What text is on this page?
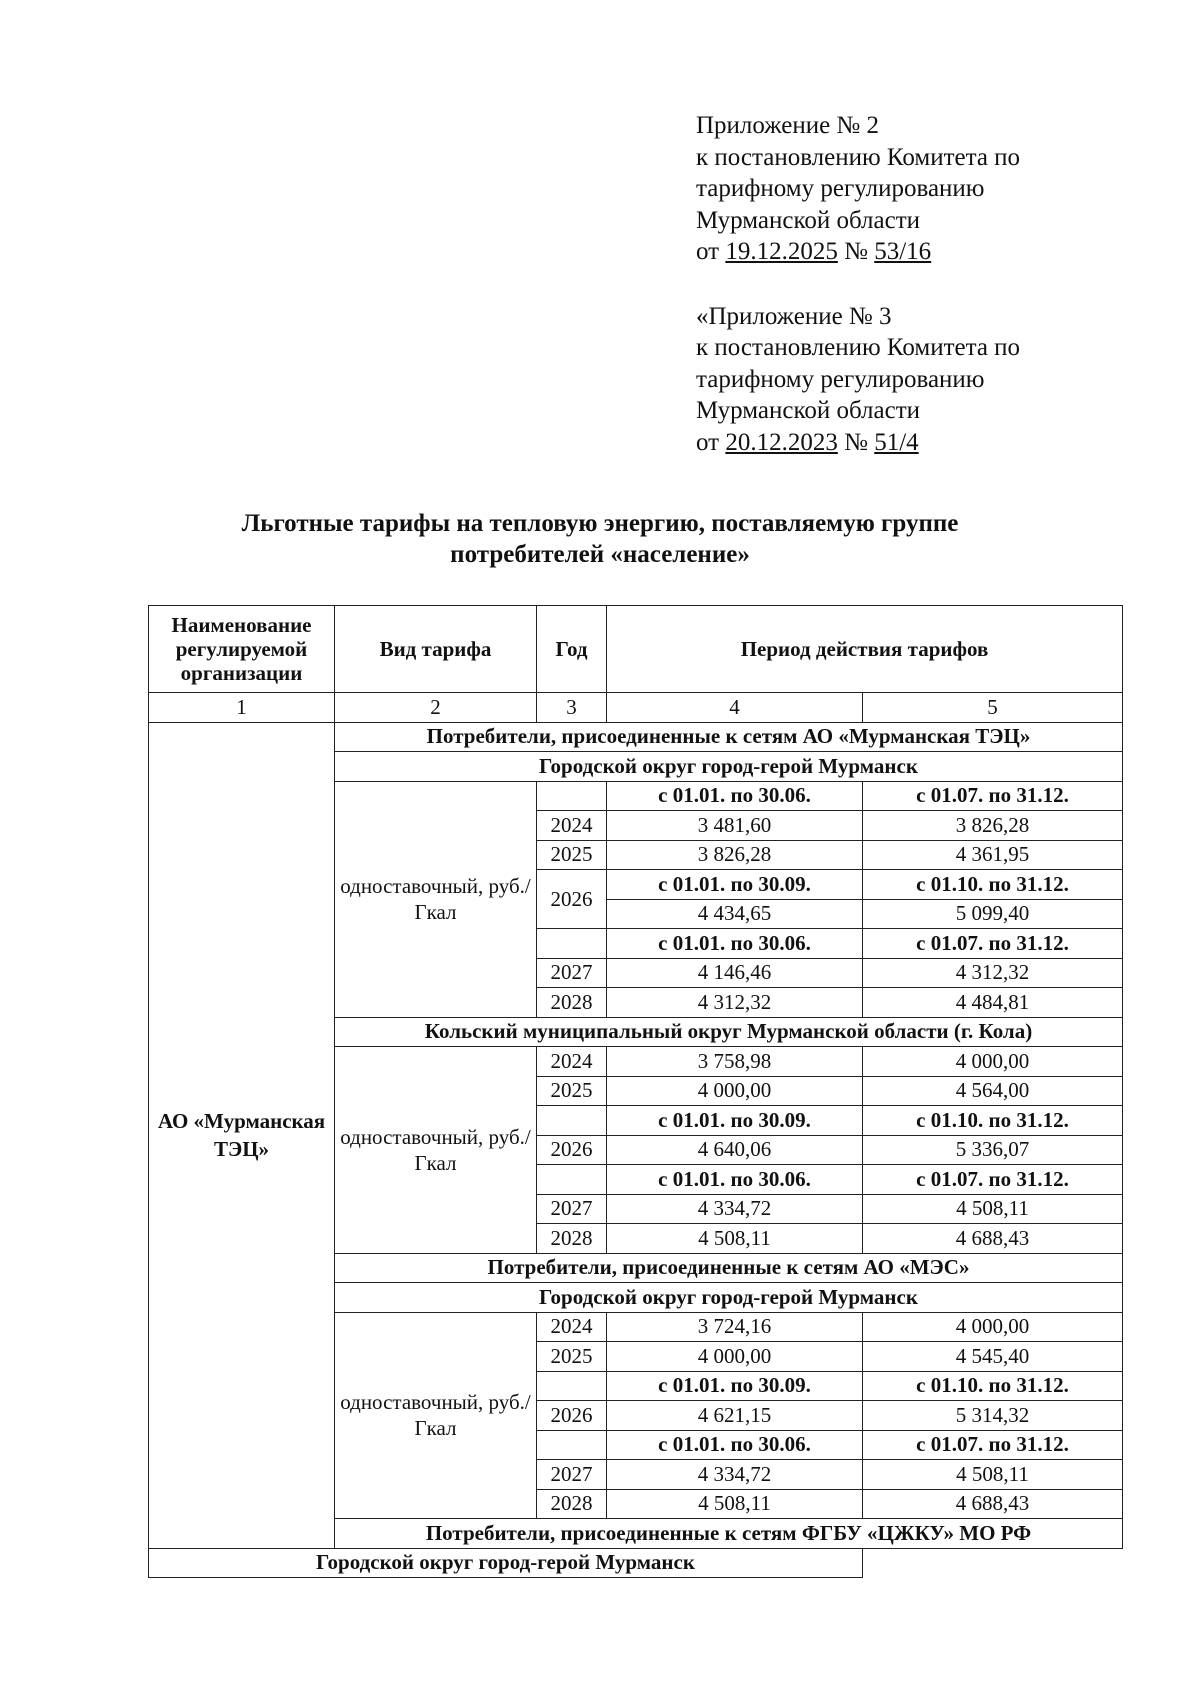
Приложение № 2
к постановлению Комитета по
тарифному регулированию
Мурманской области
от 19.12.2025 № 53/16
«Приложение № 3
к постановлению Комитета по
тарифному регулированию
Мурманской области
от 20.12.2023 № 51/4
Льготные тарифы на тепловую энергию, поставляемую группе
потребителей «население»
Наименование регулируемой организации	Вид тарифа	Год	Период действия тарифов	
1	2	3	4	5
АО «Мурманская ТЭЦ»	Потребители, присоединенные к сетям АО «Мурманская ТЭЦ»			
	Городской округ город-герой Мурманск			
	одноставочный, руб./Гкал		с 01.01. по 30.06.	с 01.07. по 31.12.
		2024	3 481,60	3 826,28
		2025	3 826,28	4 361,95
		2026	с 01.01. по 30.09.	с 01.10. по 31.12.
			4 434,65	5 099,40
			с 01.01. по 30.06.	с 01.07. по 31.12.
		2027	4 146,46	4 312,32
		2028	4 312,32	4 484,81
	Кольский муниципальный округ Мурманской области (г. Кола)			
	одноставочный, руб./Гкал	2024	3 758,98	4 000,00
		2025	4 000,00	4 564,00
			с 01.01. по 30.09.	с 01.10. по 31.12.
		2026	4 640,06	5 336,07
			с 01.01. по 30.06.	с 01.07. по 31.12.
		2027	4 334,72	4 508,11
		2028	4 508,11	4 688,43
	Потребители, присоединенные к сетям АО «МЭС»			
	Городской округ город-герой Мурманск			
	одноставочный, руб./Гкал	2024	3 724,16	4 000,00
		2025	4 000,00	4 545,40
			с 01.01. по 30.09.	с 01.10. по 31.12.
		2026	4 621,15	5 314,32
			с 01.01. по 30.06.	с 01.07. по 31.12.
		2027	4 334,72	4 508,11
		2028	4 508,11	4 688,43
	Потребители, присоединенные к сетям ФГБУ «ЦЖКУ» МО РФ			
Городской округ город-герой Мурманск				
